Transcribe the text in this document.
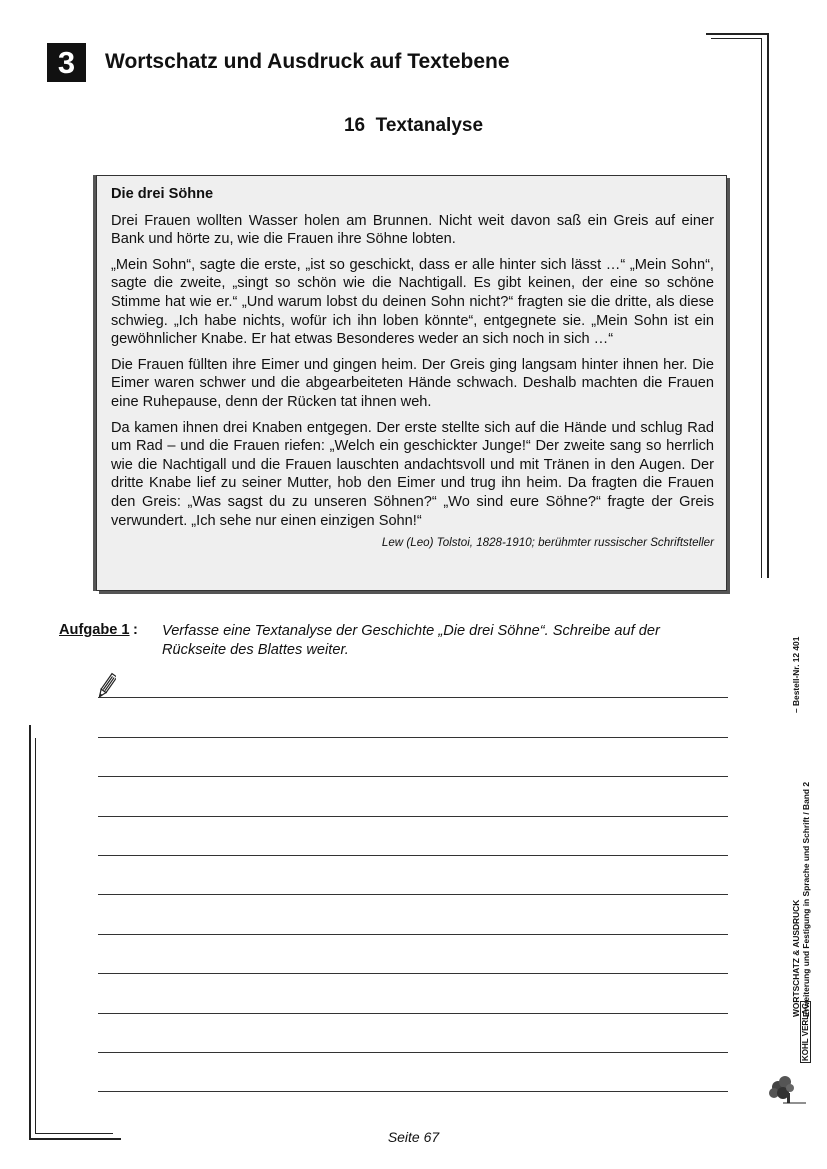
3	Wortschatz und Ausdruck auf Textebene
16  Textanalyse
Die drei Söhne

Drei Frauen wollten Wasser holen am Brunnen. Nicht weit davon saß ein Greis auf einer Bank und hörte zu, wie die Frauen ihre Söhne lobten.

„Mein Sohn“, sagte die erste, „ist so geschickt, dass er alle hinter sich lässt …“ „Mein Sohn“, sagte die zweite, „singt so schön wie die Nachtigall. Es gibt keinen, der eine so schöne Stimme hat wie er.“ „Und warum lobst du deinen Sohn nicht?“ fragten sie die dritte, als diese schwieg. „Ich habe nichts, wofür ich ihn loben könnte“, entgegnete sie. „Mein Sohn ist ein gewöhnlicher Knabe. Er hat etwas Besonderes weder an sich noch in sich …“

Die Frauen füllten ihre Eimer und gingen heim. Der Greis ging langsam hinter ihnen her. Die Eimer waren schwer und die abgearbeiteten Hände schwach. Deshalb machten die Frauen eine Ruhepause, denn der Rücken tat ihnen weh.

Da kamen ihnen drei Knaben entgegen. Der erste stellte sich auf die Hände und schlug Rad um Rad – und die Frauen riefen: „Welch ein geschickter Junge!“ Der zweite sang so herrlich wie die Nachtigall und die Frauen lauschten andachtsvoll und mit Tränen in den Augen. Der dritte Knabe lief zu seiner Mutter, hob den Eimer und trug ihn heim. Da fragten die Frauen den Greis: „Was sagst du zu unseren Söhnen?“ „Wo sind eure Söhne?“ fragte der Greis verwundert. „Ich sehe nur einen einzigen Sohn!“

Lew (Leo) Tolstoi, 1828-1910; berühmter russischer Schriftsteller
Aufgabe 1 : Verfasse eine Textanalyse der Geschichte „Die drei Söhne“. Schreibe auf der Rückseite des Blattes weiter.
WORTSCHATZ & AUSDRUCK Erweiterung und Festigung in Sprache und Schrift / Band 2
– Bestell-Nr. 12 401
KOHL VERLAG
Seite 67
